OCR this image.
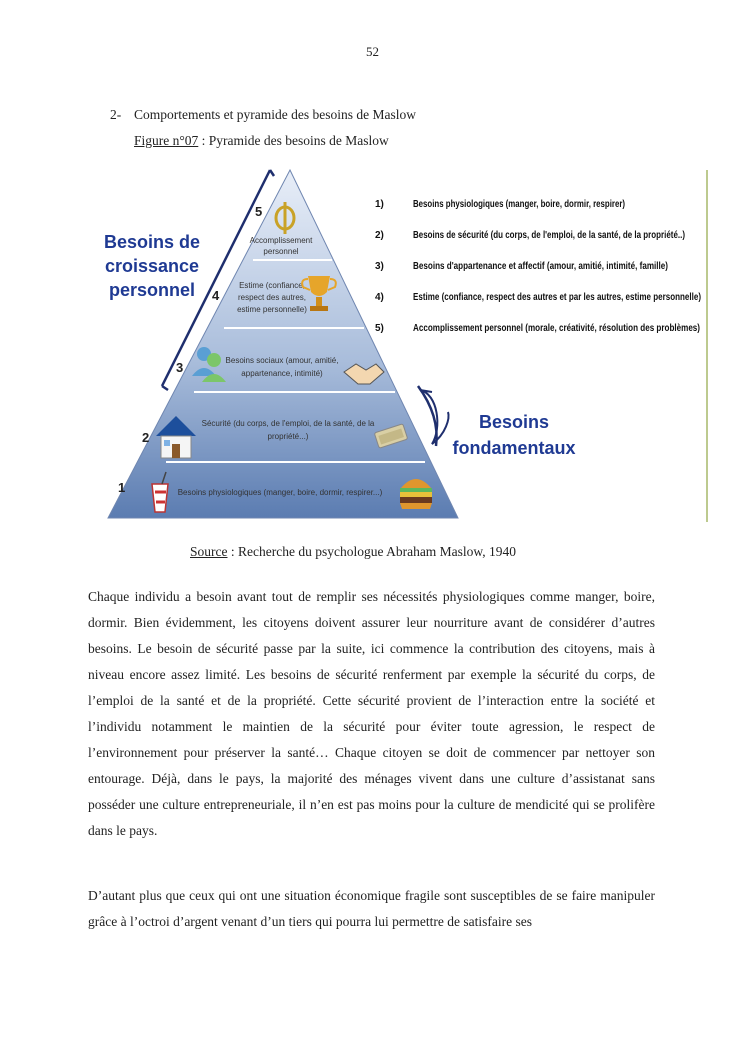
52
2- Comportements et pyramide des besoins de Maslow
Figure n°07 : Pyramide des besoins de Maslow
Besoins de
croissance
personnel
Besoins
fondamentaux
5
4
3
2
1
Accomplissement
personnel
Estime (confiance,
respect des autres,
estime personnelle)
Besoins sociaux (amour, amitié,
appartenance, intimité)
Sécurité (du corps, de l'emploi, de la santé, de la
propriété...)
Besoins physiologiques (manger, boire, dormir, respirer...)
1)	Besoins physiologiques (manger, boire, dormir, respirer)
2)	Besoins de sécurité (du corps, de l'emploi, de la santé, de la propriété..)
3)	Besoins d'appartenance et affectif (amour, amitié, intimité, famille)
4)	Estime (confiance, respect des autres et par les autres, estime personnelle)
5)	Accomplissement personnel (morale, créativité, résolution des problèmes)
Source : Recherche du psychologue Abraham Maslow, 1940

Chaque individu a besoin avant tout de remplir ses nécessités physiologiques comme manger, boire, dormir. Bien évidemment, les citoyens doivent assurer leur nourriture avant de considérer d’autres besoins. Le besoin de sécurité passe par la suite, ici commence la contribution des citoyens, mais à niveau encore assez limité. Les besoins de sécurité renferment par exemple la sécurité du corps, de l’emploi de la santé et de la propriété. Cette sécurité provient de l’interaction entre la société et l’individu notamment le maintien de la sécurité pour éviter toute agression, le respect de l’environnement pour préserver la santé… Chaque citoyen se doit de commencer par nettoyer son entourage. Déjà, dans le pays, la majorité des ménages vivent dans une culture d’assistanat sans posséder une culture entrepreneuriale, il n’en est pas moins pour la culture de mendicité qui se prolifère dans le pays.

D’autant plus que ceux qui ont une situation économique fragile sont susceptibles de se faire manipuler grâce à l’octroi d’argent venant d’un tiers qui pourra lui permettre de satisfaire ses
